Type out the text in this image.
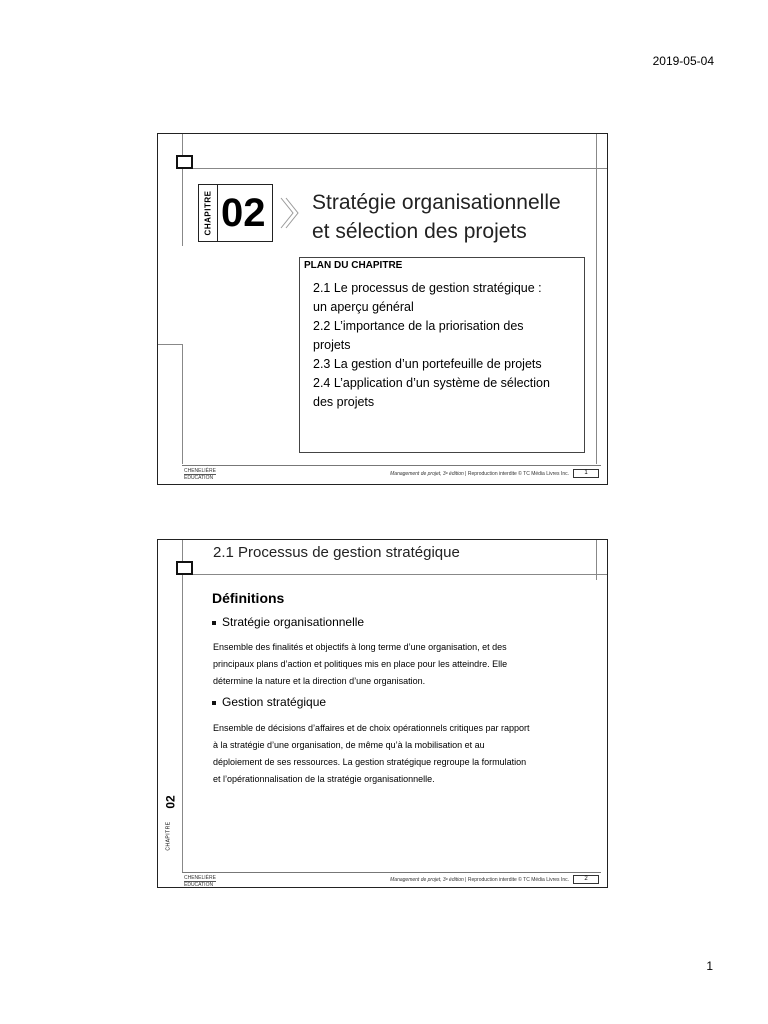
2019-05-04
CHAPITRE 02 Stratégie organisationnelle
et sélection des projets
PLAN DU CHAPITRE
2.1 Le processus de gestion stratégique : un aperçu général
2.2 L’importance de la priorisation des projets
2.3 La gestion d’un portefeuille de projets
2.4 L’application d’un système de sélection des projets
CHENELIÈRE
ÉDUCATION
Management de projet, 3ᵉ édition | Reproduction interdite © TC Média Livres Inc.	1
2.1 Processus de gestion stratégique
Définitions
Stratégie organisationnelle
Ensemble des finalités et objectifs à long terme d’une organisation, et des
principaux plans d’action et politiques mis en place pour les atteindre. Elle
détermine la nature et la direction d’une organisation.
Gestion stratégique
Ensemble de décisions d’affaires et de choix opérationnels critiques par rapport
à la stratégie d’une organisation, de même qu’à la mobilisation et au
déploiement de ses ressources. La gestion stratégique regroupe la formulation
et l’opérationnalisation de la stratégie organisationnelle.
02
CHAPITRE
CHENELIÈRE
ÉDUCATION
Management de projet, 3ᵉ édition | Reproduction interdite © TC Média Livres Inc.	2
1
